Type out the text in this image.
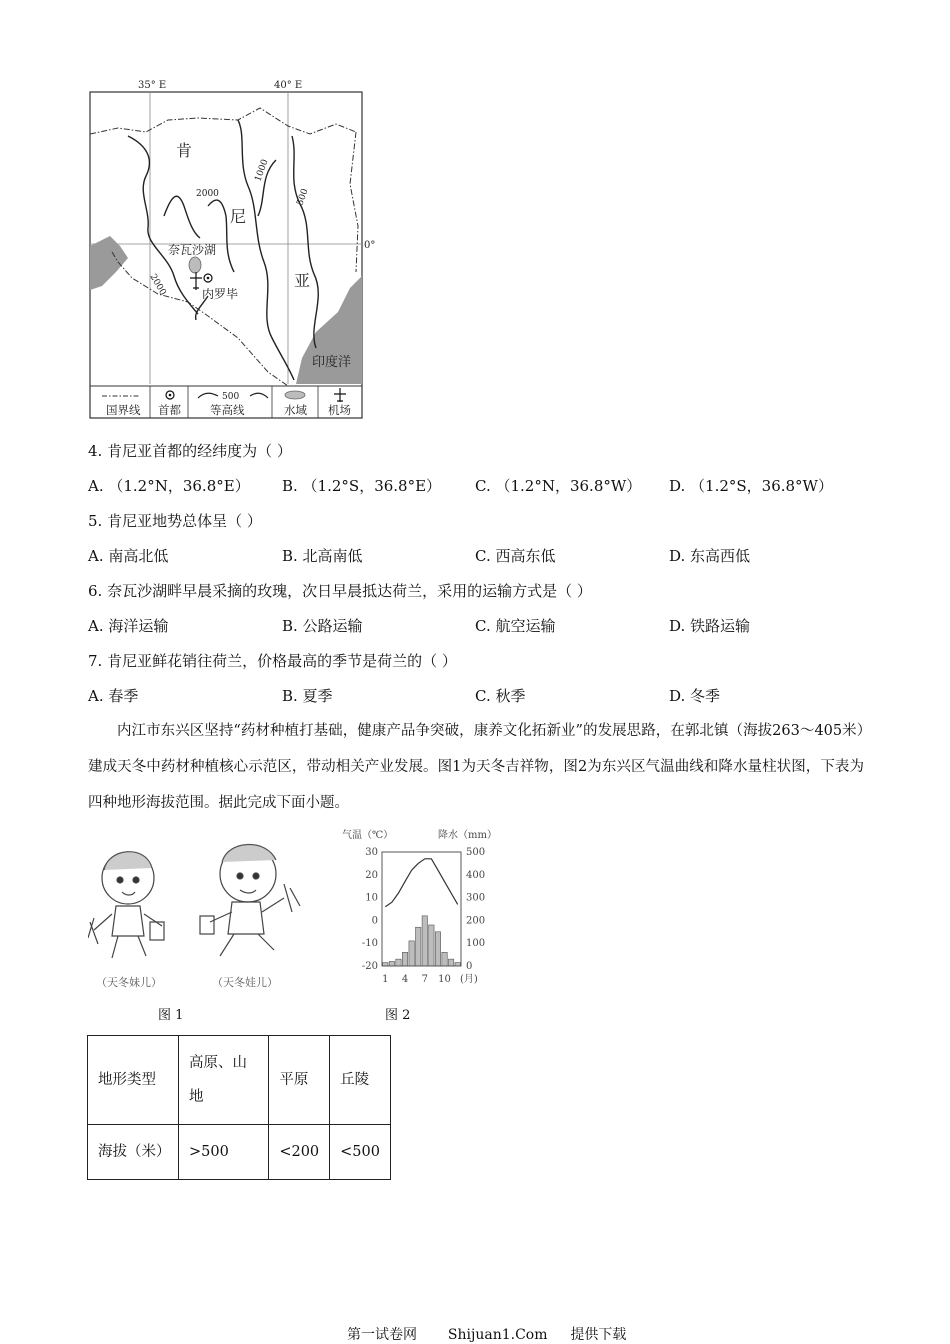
35° E	40° E
0°
肯
尼
亚
2000
2000
1000
500
奈瓦沙湖
内罗毕
印度洋
500
国界线 首都	等高线	水域 机场
4. 肯尼亚首都的经纬度为（ ）
A. （1.2°N，36.8°E） B. （1.2°S，36.8°E） C. （1.2°N，36.8°W） D. （1.2°S，36.8°W）
5. 肯尼亚地势总体呈（ ）
A. 南高北低	B. 北高南低	C. 西高东低	D. 东高西低
6. 奈瓦沙湖畔早晨采摘的玫瑰，次日早晨抵达荷兰，采用的运输方式是（ ）
A. 海洋运输	B. 公路运输	C. 航空运输	D. 铁路运输
7. 肯尼亚鲜花销往荷兰，价格最高的季节是荷兰的（ ）
A. 春季	B. 夏季	C. 秋季	D. 冬季
内江市东兴区坚持“药材种植打基础，健康产品争突破，康养文化拓新业”的发展思路，在郭北镇（海拔263～405米）建成天冬中药材种植核心示范区，带动相关产业发展。图1为天冬吉祥物，图2为东兴区气温曲线和降水量柱状图，下表为四种地形海拔范围。据此完成下面小题。
（天冬妹儿）	（天冬娃儿）
图 1
气温（℃）	降水（mm）
30
20
10
0
-10
-20
500
400
300
200
100
0
1 4 7 10 (月)
图 2
地形类型	高原、山地	平原	丘陵
海拔（米）	>500	<200	<500
第一试卷网 Shijuan1.Com 提供下载
